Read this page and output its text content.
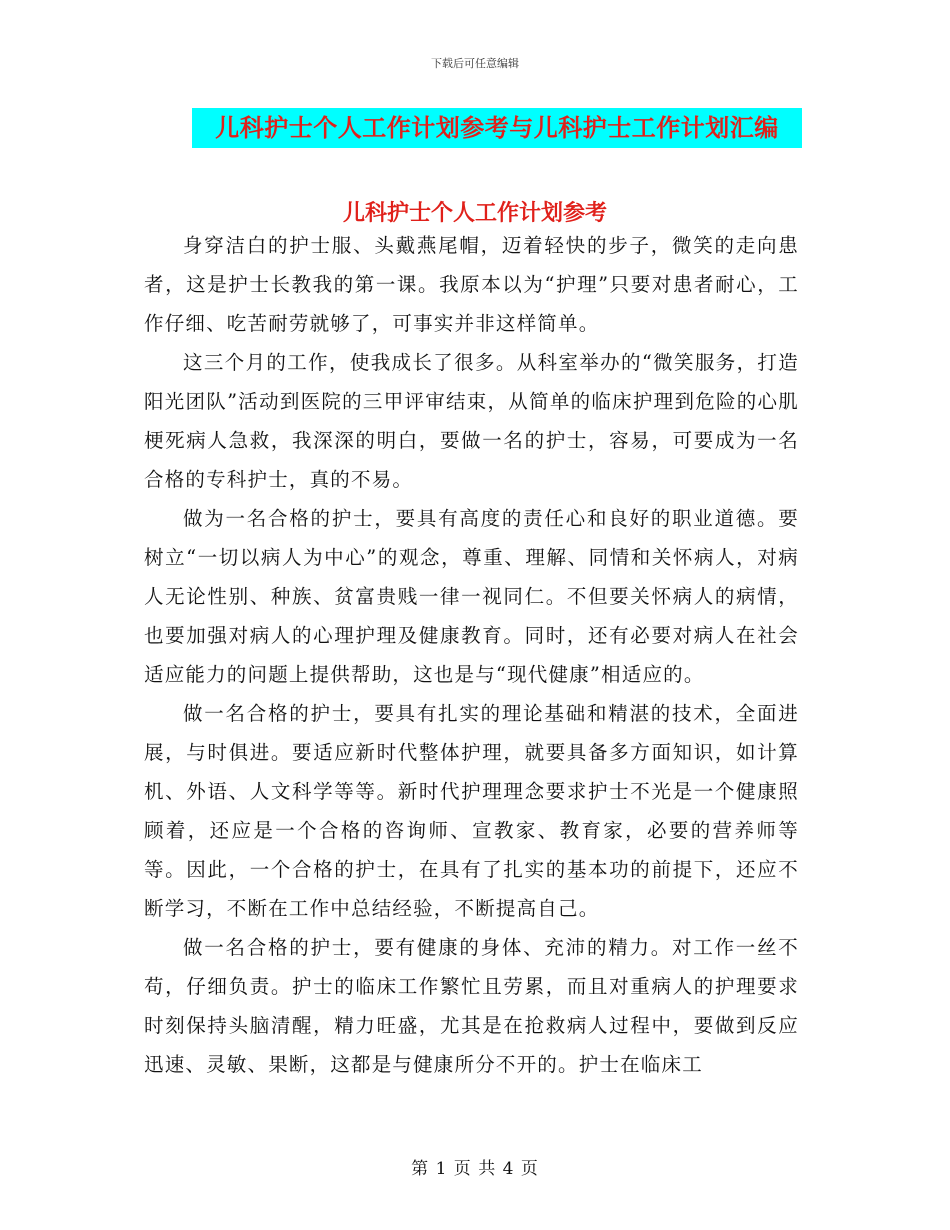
下载后可任意编辑
儿科护士个人工作计划参考与儿科护士工作计划汇编
儿科护士个人工作计划参考

身穿洁白的护士服、头戴燕尾帽，迈着轻快的步子，微笑的走向患者，这是护士长教我的第一课。我原本以为“护理”只要对患者耐心，工作仔细、吃苦耐劳就够了，可事实并非这样简单。

这三个月的工作，使我成长了很多。从科室举办的“微笑服务，打造阳光团队”活动到医院的三甲评审结束，从简单的临床护理到危险的心肌梗死病人急救，我深深的明白，要做一名的护士，容易，可要成为一名合格的专科护士，真的不易。

做为一名合格的护士，要具有高度的责任心和良好的职业道德。要树立“一切以病人为中心”的观念，尊重、理解、同情和关怀病人，对病人无论性别、种族、贫富贵贱一律一视同仁。不但要关怀病人的病情，也要加强对病人的心理护理及健康教育。同时，还有必要对病人在社会适应能力的问题上提供帮助，这也是与“现代健康”相适应的。

做一名合格的护士，要具有扎实的理论基础和精湛的技术，全面进展，与时俱进。要适应新时代整体护理，就要具备多方面知识，如计算机、外语、人文科学等等。新时代护理理念要求护士不光是一个健康照顾着，还应是一个合格的咨询师、宣教家、教育家，必要的营养师等等。因此，一个合格的护士，在具有了扎实的基本功的前提下，还应不断学习，不断在工作中总结经验，不断提高自己。

做一名合格的护士，要有健康的身体、充沛的精力。对工作一丝不苟，仔细负责。护士的临床工作繁忙且劳累，而且对重病人的护理要求时刻保持头脑清醒，精力旺盛，尤其是在抢救病人过程中，要做到反应迅速、灵敏、果断，这都是与健康所分不开的。护士在临床工

第 1 页 共 4 页
